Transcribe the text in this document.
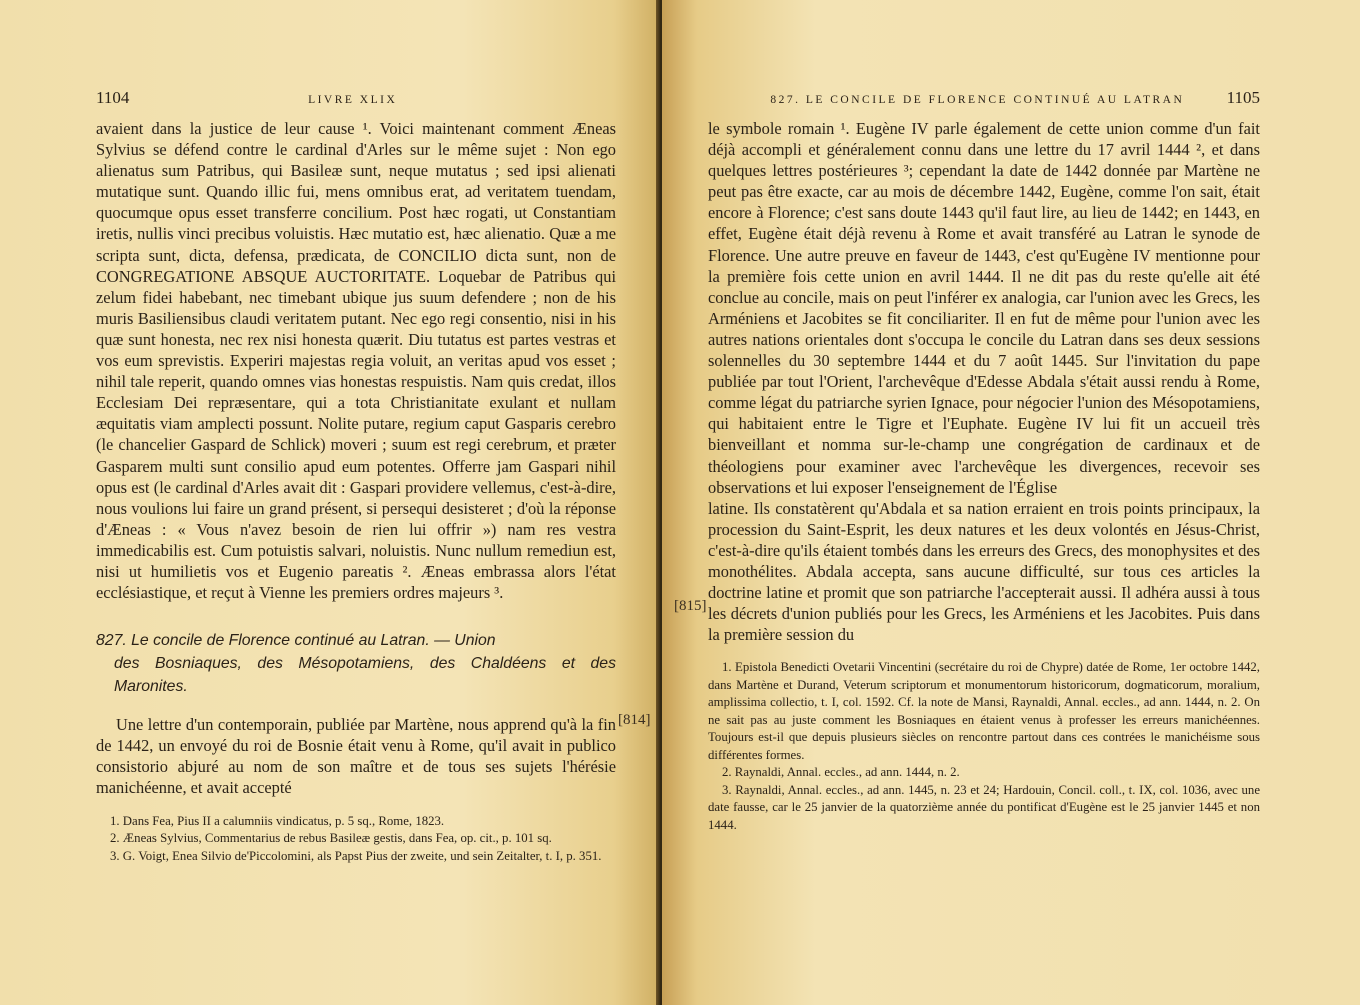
1104	LIVRE XLIX

avaient dans la justice de leur cause ¹. Voici maintenant comment Æneas Sylvius se défend contre le cardinal d'Arles sur le même sujet : Non ego alienatus sum Patribus, qui Basileæ sunt, neque mutatus ; sed ipsi alienati mutatique sunt. Quando illic fui, mens omnibus erat, ad veritatem tuendam, quocumque opus esset transferre concilium. Post hæc rogati, ut Constantiam iretis, nullis vinci precibus voluistis. Hæc mutatio est, hæc alienatio. Quæ a me scripta sunt, dicta, defensa, prædicata, de CONCILIO dicta sunt, non de CONGREGATIONE ABSQUE AUCTORITATE. Loquebar de Patribus qui zelum fidei habebant, nec timebant ubique jus suum defendere ; non de his muris Basiliensibus claudi veritatem putant. Nec ego regi consentio, nisi in his quæ sunt honesta, nec rex nisi honesta quærit. Diu tutatus est partes vestras et vos eum sprevistis. Experiri majestas regia voluit, an veritas apud vos esset ; nihil tale reperit, quando omnes vias honestas respuistis. Nam quis credat, illos Ecclesiam Dei repræsentare, qui a tota Christianitate exulant et nullam æquitatis viam amplecti possunt. Nolite putare, regium caput Gasparis cerebro (le chancelier Gaspard de Schlick) moveri ; suum est regi cerebrum, et præter Gasparem multi sunt consilio apud eum potentes. Offerre jam Gaspari nihil opus est (le cardinal d'Arles avait dit : Gaspari providere vellemus, c'est-à-dire, nous voulions lui faire un grand présent, si persequi desisteret ; d'où la réponse d'Æneas : « Vous n'avez besoin de rien lui offrir ») nam res vestra immedicabilis est. Cum potuistis salvari, noluistis. Nunc nullum remediun est, nisi ut humilietis vos et Eugenio pareatis ². Æneas embrassa alors l'état ecclésiastique, et reçut à Vienne les premiers ordres majeurs ³.

827. Le concile de Florence continué au Latran. — Union
des Bosniaques, des Mésopotamiens, des Chaldéens et des Maronites.

Une lettre d'un contemporain, publiée par Martène, nous apprend qu'à la fin de 1442, un envoyé du roi de Bosnie était venu à Rome, qu'il avait in publico consistorio abjuré au nom de son maître et de tous ses sujets l'hérésie manichéenne, et avait accepté

1. Dans Fea, Pius II a calumniis vindicatus, p. 5 sq., Rome, 1823.

2. Æneas Sylvius, Commentarius de rebus Basileæ gestis, dans Fea, op. cit., p. 101 sq.

3. G. Voigt, Enea Silvio de'Piccolomini, als Papst Pius der zweite, und sein Zeitalter, t. I, p. 351.

[814]
827. LE CONCILE DE FLORENCE CONTINUÉ AU LATRAN 1105

le symbole romain ¹. Eugène IV parle également de cette union comme d'un fait déjà accompli et généralement connu dans une lettre du 17 avril 1444 ², et dans quelques lettres postérieures ³; cependant la date de 1442 donnée par Martène ne peut pas être exacte, car au mois de décembre 1442, Eugène, comme l'on sait, était encore à Florence; c'est sans doute 1443 qu'il faut lire, au lieu de 1442; en 1443, en effet, Eugène était déjà revenu à Rome et avait transféré au Latran le synode de Florence. Une autre preuve en faveur de 1443, c'est qu'Eugène IV mentionne pour la première fois cette union en avril 1444. Il ne dit pas du reste qu'elle ait été conclue au concile, mais on peut l'inférer ex analogia, car l'union avec les Grecs, les Arméniens et Jacobites se fit conciliariter. Il en fut de même pour l'union avec les autres nations orientales dont s'occupa le concile du Latran dans ses deux sessions solennelles du 30 septembre 1444 et du 7 août 1445. Sur l'invitation du pape publiée par tout l'Orient, l'archevêque d'Edesse Abdala s'était aussi rendu à Rome, comme légat du patriarche syrien Ignace, pour négocier l'union des Mésopotamiens, qui habitaient entre le Tigre et l'Euphate. Eugène IV lui fit un accueil très bienveillant et nomma sur-le-champ une congrégation de cardinaux et de théologiens pour examiner avec l'archevêque les divergences, recevoir ses observations et lui exposer l'enseignement de l'Église

latine. Ils constatèrent qu'Abdala et sa nation erraient en trois points principaux, la procession du Saint-Esprit, les deux natures et les deux volontés en Jésus-Christ, c'est-à-dire qu'ils étaient tombés dans les erreurs des Grecs, des monophysites et des monothélites. Abdala accepta, sans aucune difficulté, sur tous ces articles la doctrine latine et promit que son patriarche l'accepterait aussi. Il adhéra aussi à tous les décrets d'union publiés pour les Grecs, les Arméniens et les Jacobites. Puis dans la première session du

1. Epistola Benedicti Ovetarii Vincentini (secrétaire du roi de Chypre) datée de Rome, 1er octobre 1442, dans Martène et Durand, Veterum scriptorum et monumentorum historicorum, dogmaticorum, moralium, amplissima collectio, t. I, col. 1592. Cf. la note de Mansi, Raynaldi, Annal. eccles., ad ann. 1444, n. 2. On ne sait pas au juste comment les Bosniaques en étaient venus à professer les erreurs manichéennes. Toujours est-il que depuis plusieurs siècles on rencontre partout dans ces contrées le manichéisme sous différentes formes.

2. Raynaldi, Annal. eccles., ad ann. 1444, n. 2.

3. Raynaldi, Annal. eccles., ad ann. 1445, n. 23 et 24; Hardouin, Concil. coll., t. IX, col. 1036, avec une date fausse, car le 25 janvier de la quatorzième année du pontificat d'Eugène est le 25 janvier 1445 et non 1444.

[815]
